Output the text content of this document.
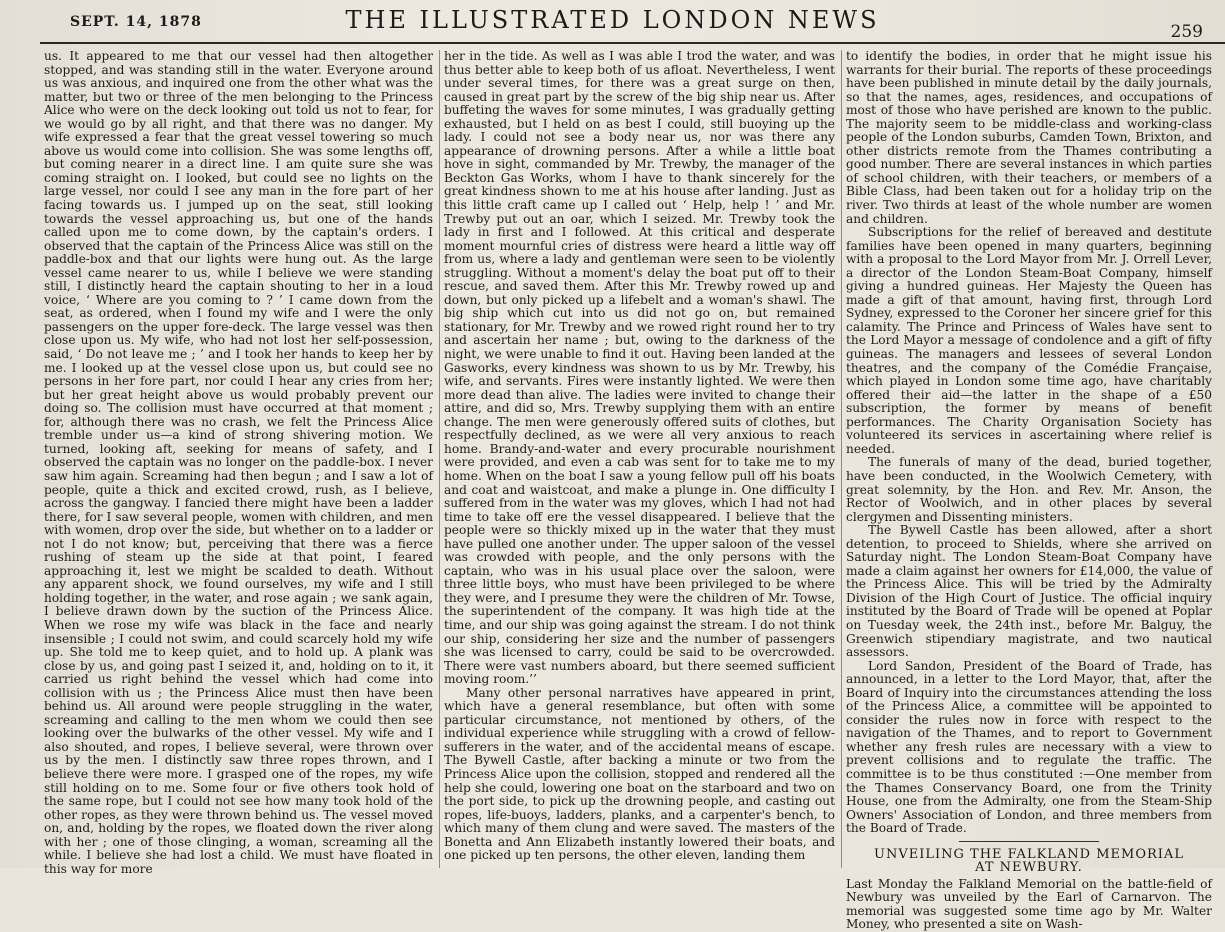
SEPT. 14, 1878	THE ILLUSTRATED LONDON NEWS	259

us. It appeared to me that our vessel had then altogether stopped, and was standing still in the water. Everyone around us was anxious, and inquired one from the other what was the matter, but two or three of the men belonging to the Princess Alice who were on the deck looking out told us not to fear, for we would go by all right, and that there was no danger. My wife expressed a fear that the great vessel towering so much above us would come into collision. She was some lengths off, but coming nearer in a direct line. I am quite sure she was coming straight on. I looked, but could see no lights on the large vessel, nor could I see any man in the fore part of her facing towards us. I jumped up on the seat, still looking towards the vessel approaching us, but one of the hands called upon me to come down, by the captain's orders. I observed that the captain of the Princess Alice was still on the paddle-box and that our lights were hung out. As the large vessel came nearer to us, while I believe we were standing still, I distinctly heard the captain shouting to her in a loud voice, ‘ Where are you coming to ? ’ I came down from the seat, as ordered, when I found my wife and I were the only passengers on the upper fore-deck. The large vessel was then close upon us. My wife, who had not lost her self-possession, said, ‘ Do not leave me ; ’ and I took her hands to keep her by me. I looked up at the vessel close upon us, but could see no persons in her fore part, nor could I hear any cries from her; but her great height above us would probably prevent our doing so. The collision must have occurred at that moment ; for, although there was no crash, we felt the Princess Alice tremble under us—a kind of strong shivering motion. We turned, looking aft, seeking for means of safety, and I observed the captain was no longer on the paddle-box. I never saw him again. Screaming had then begun ; and I saw a lot of people, quite a thick and excited crowd, rush, as I believe, across the gangway. I fancied there might have been a ladder there, for I saw several people, women with children, and men with women, drop over the side, but whether on to a ladder or not I do not know; but, perceiving that there was a fierce rushing of steam up the side at that point, I feared approaching it, lest we might be scalded to death. Without any apparent shock, we found ourselves, my wife and I still holding together, in the water, and rose again ; we sank again, I believe drawn down by the suction of the Princess Alice. When we rose my wife was black in the face and nearly insensible ; I could not swim, and could scarcely hold my wife up. She told me to keep quiet, and to hold up. A plank was close by us, and going past I seized it, and, holding on to it, it carried us right behind the vessel which had come into collision with us ; the Princess Alice must then have been behind us. All around were people struggling in the water, screaming and calling to the men whom we could then see looking over the bulwarks of the other vessel. My wife and I also shouted, and ropes, I believe several, were thrown over us by the men. I distinctly saw three ropes thrown, and I believe there were more. I grasped one of the ropes, my wife still holding on to me. Some four or five others took hold of the same rope, but I could not see how many took hold of the other ropes, as they were thrown behind us. The vessel moved on, and, holding by the ropes, we floated down the river along with her ; one of those clinging, a woman, screaming all the while. I believe she had lost a child. We must have floated in this way for more

her in the tide. As well as I was able I trod the water, and was thus better able to keep both of us afloat. Nevertheless, I went under several times, for there was a great surge on then, caused in great part by the screw of the big ship near us. After buffeting the waves for some minutes, I was gradually getting exhausted, but I held on as best I could, still buoying up the lady. I could not see a body near us, nor was there any appearance of drowning persons. After a while a little boat hove in sight, commanded by Mr. Trewby, the manager of the Beckton Gas Works, whom I have to thank sincerely for the great kindness shown to me at his house after landing. Just as this little craft came up I called out ‘ Help, help ! ’ and Mr. Trewby put out an oar, which I seized. Mr. Trewby took the lady in first and I followed. At this critical and desperate moment mournful cries of distress were heard a little way off from us, where a lady and gentleman were seen to be violently struggling. Without a moment's delay the boat put off to their rescue, and saved them. After this Mr. Trewby rowed up and down, but only picked up a lifebelt and a woman's shawl. The big ship which cut into us did not go on, but remained stationary, for Mr. Trewby and we rowed right round her to try and ascertain her name ; but, owing to the darkness of the night, we were unable to find it out. Having been landed at the Gasworks, every kindness was shown to us by Mr. Trewby, his wife, and servants. Fires were instantly lighted. We were then more dead than alive. The ladies were invited to change their attire, and did so, Mrs. Trewby supplying them with an entire change. The men were generously offered suits of clothes, but respectfully declined, as we were all very anxious to reach home. Brandy-and-water and every procurable nourishment were provided, and even a cab was sent for to take me to my home. When on the boat I saw a young fellow pull off his boats and coat and waistcoat, and make a plunge in. One difficulty I suffered from in the water was my gloves, which I had not had time to take off ere the vessel disappeared. I believe that the people were so thickly mixed up in the water that they must have pulled one another under. The upper saloon of the vessel was crowded with people, and the only persons with the captain, who was in his usual place over the saloon, were three little boys, who must have been privileged to be where they were, and I presume they were the children of Mr. Towse, the superintendent of the company. It was high tide at the time, and our ship was going against the stream. I do not think our ship, considering her size and the number of passengers she was licensed to carry, could be said to be overcrowded. There were vast numbers aboard, but there seemed sufficient moving room.’’

Many other personal narratives have appeared in print, which have a general resemblance, but often with some particular circumstance, not mentioned by others, of the individual experience while struggling with a crowd of fellow-sufferers in the water, and of the accidental means of escape. The Bywell Castle, after backing a minute or two from the Princess Alice upon the collision, stopped and rendered all the help she could, lowering one boat on the starboard and two on the port side, to pick up the drowning people, and casting out ropes, life-buoys, ladders, planks, and a carpenter's bench, to which many of them clung and were saved. The masters of the Bonetta and Ann Elizabeth instantly lowered their boats, and one picked up ten persons, the other eleven, landing them

to identify the bodies, in order that he might issue his warrants for their burial. The reports of these proceedings have been published in minute detail by the daily journals, so that the names, ages, residences, and occupations of most of those who have perished are known to the public. The majority seem to be middle-class and working-class people of the London suburbs, Camden Town, Brixton, and other districts remote from the Thames contributing a good number. There are several instances in which parties of school children, with their teachers, or members of a Bible Class, had been taken out for a holiday trip on the river. Two thirds at least of the whole number are women and children.

Subscriptions for the relief of bereaved and destitute families have been opened in many quarters, beginning with a proposal to the Lord Mayor from Mr. J. Orrell Lever, a director of the London Steam-Boat Company, himself giving a hundred guineas. Her Majesty the Queen has made a gift of that amount, having first, through Lord Sydney, expressed to the Coroner her sincere grief for this calamity. The Prince and Princess of Wales have sent to the Lord Mayor a message of condolence and a gift of fifty guineas. The managers and lessees of several London theatres, and the company of the Comédie Française, which played in London some time ago, have charitably offered their aid—the latter in the shape of a £50 subscription, the former by means of benefit performances. The Charity Organisation Society has volunteered its services in ascertaining where relief is needed.

The funerals of many of the dead, buried together, have been conducted, in the Woolwich Cemetery, with great solemnity, by the Hon. and Rev. Mr. Anson, the Rector of Woolwich, and in other places by several clergymen and Dissenting ministers.

The Bywell Castle has been allowed, after a short detention, to proceed to Shields, where she arrived on Saturday night. The London Steam-Boat Company have made a claim against her owners for £14,000, the value of the Princess Alice. This will be tried by the Admiralty Division of the High Court of Justice. The official inquiry instituted by the Board of Trade will be opened at Poplar on Tuesday week, the 24th inst., before Mr. Balguy, the Greenwich stipendiary magistrate, and two nautical assessors.

Lord Sandon, President of the Board of Trade, has announced, in a letter to the Lord Mayor, that, after the Board of Inquiry into the circumstances attending the loss of the Princess Alice, a committee will be appointed to consider the rules now in force with respect to the navigation of the Thames, and to report to Government whether any fresh rules are necessary with a view to prevent collisions and to regulate the traffic. The committee is to be thus constituted :—One member from the Thames Conservancy Board, one from the Trinity House, one from the Admiralty, one from the Steam-Ship Owners' Association of London, and three members from the Board of Trade.

UNVEILING THE FALKLAND MEMORIAL

AT NEWBURY.

Last Monday the Falkland Memorial on the battle-field of Newbury was unveiled by the Earl of Carnarvon. The memorial was suggested some time ago by Mr. Walter Money, who presented a site on Wash-
